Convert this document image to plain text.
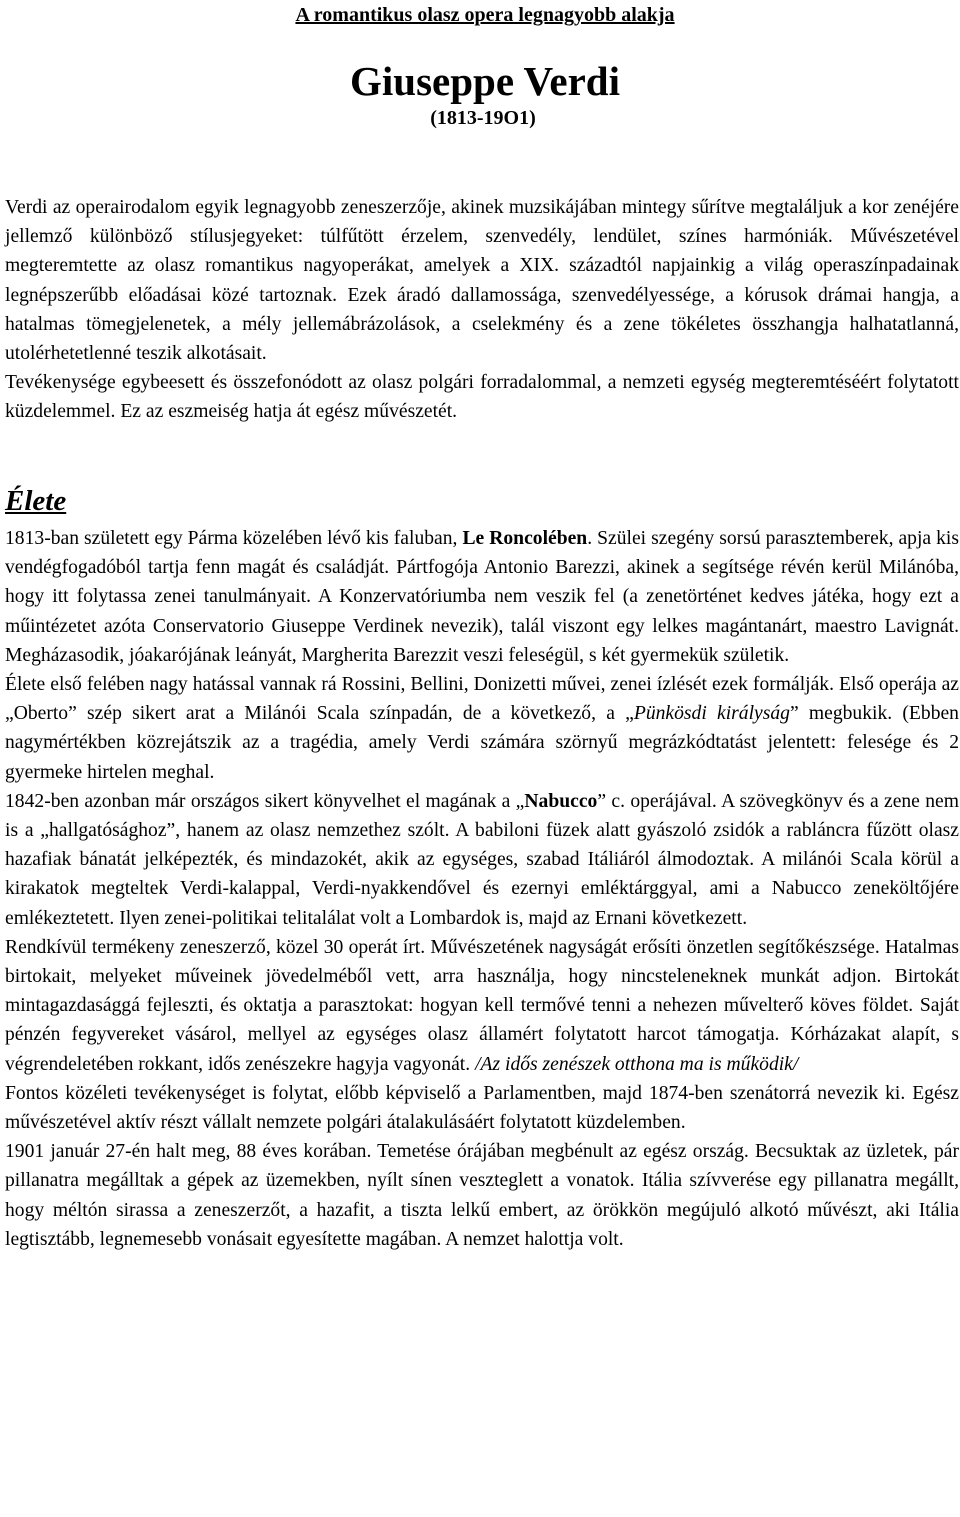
A romantikus olasz opera legnagyobb alakja
Giuseppe Verdi
(1813-19O1)

Verdi az operairodalom egyik legnagyobb zeneszerzője, akinek muzsikájában mintegy sűrítve megtaláljuk a kor zenéjére jellemző különböző stílusjegyeket: túlfűtött érzelem, szenvedély, lendület, színes harmóniák. Művészetével megteremtette az olasz romantikus nagyoperákat, amelyek a XIX. századtól napjainkig a világ operaszínpadainak legnépszerűbb előadásai közé tartoznak. Ezek áradó dallamossága, szenvedélyessége, a kórusok drámai hangja, a hatalmas tömegjelenetek, a mély jellemábrázolások, a cselekmény és a zene tökéletes összhangja halhatatlanná, utolérhetetlenné teszik alkotásait.

Tevékenysége egybeesett és összefonódott az olasz polgári forradalommal, a nemzeti egység megteremtéséért folytatott küzdelemmel. Ez az eszmeiség hatja át egész művészetét.

Élete

1813-ban született egy Párma közelében lévő kis faluban, Le Roncolében. Szülei szegény sorsú parasztemberek, apja kis vendégfogadóból tartja fenn magát és családját. Pártfogója Antonio Barezzi, akinek a segítsége révén kerül Milánóba, hogy itt folytassa zenei tanulmányait. A Konzervatóriumba nem veszik fel (a zenetörténet kedves játéka, hogy ezt a műintézetet azóta Conservatorio Giuseppe Verdinek nevezik), talál viszont egy lelkes magántanárt, maestro Lavignát. Megházasodik, jóakarójának leányát, Margherita Barezzit veszi feleségül, s két gyermekük születik.

Élete első felében nagy hatással vannak rá Rossini, Bellini, Donizetti művei, zenei ízlését ezek formálják. Első operája az „Oberto” szép sikert arat a Milánói Scala színpadán, de a következő, a „Pünkösdi királyság” megbukik. (Ebben nagymértékben közrejátszik az a tragédia, amely Verdi számára szörnyű megrázkódtatást jelentett: felesége és 2 gyermeke hirtelen meghal.

1842-ben azonban már országos sikert könyvelhet el magának a „Nabucco” c. operájával. A szövegkönyv és a zene nem is a „hallgatósághoz”, hanem az olasz nemzethez szólt. A babiloni füzek alatt gyászoló zsidók a rabláncra fűzött olasz hazafiak bánatát jelképezték, és mindazokét, akik az egységes, szabad Itáliáról álmodoztak. A milánói Scala körül a kirakatok megteltek Verdi-kalappal, Verdi-nyakkendővel és ezernyi emléktárggyal, ami a Nabucco zeneköltőjére emlékeztetett. Ilyen zenei-politikai telitalálat volt a Lombardok is, majd az Ernani következett.

Rendkívül termékeny zeneszerző, közel 30 operát írt. Művészetének nagyságát erősíti önzetlen segítőkészsége. Hatalmas birtokait, melyeket műveinek jövedelméből vett, arra használja, hogy nincsteleneknek munkát adjon. Birtokát mintagazdasággá fejleszti, és oktatja a parasztokat: hogyan kell termővé tenni a nehezen művelterő köves földet. Saját pénzén fegyvereket vásárol, mellyel az egységes olasz államért folytatott harcot támogatja. Kórházakat alapít, s végrendeletében rokkant, idős zenészekre hagyja vagyonát. /Az idős zenészek otthona ma is működik/

Fontos közéleti tevékenységet is folytat, előbb képviselő a Parlamentben, majd 1874-ben szenátorrá nevezik ki. Egész művészetével aktív részt vállalt nemzete polgári átalakulásáért folytatott küzdelemben.

1901 január 27-én halt meg, 88 éves korában. Temetése órájában megbénult az egész ország. Becsuktak az üzletek, pár pillanatra megálltak a gépek az üzemekben, nyílt sínen veszteglett a vonatok. Itália szívverése egy pillanatra megállt, hogy méltón sirassa a zeneszerzőt, a hazafit, a tiszta lelkű embert, az örökkön megújuló alkotó művészt, aki Itália legtisztább, legnemesebb vonásait egyesítette magában. A nemzet halottja volt.
